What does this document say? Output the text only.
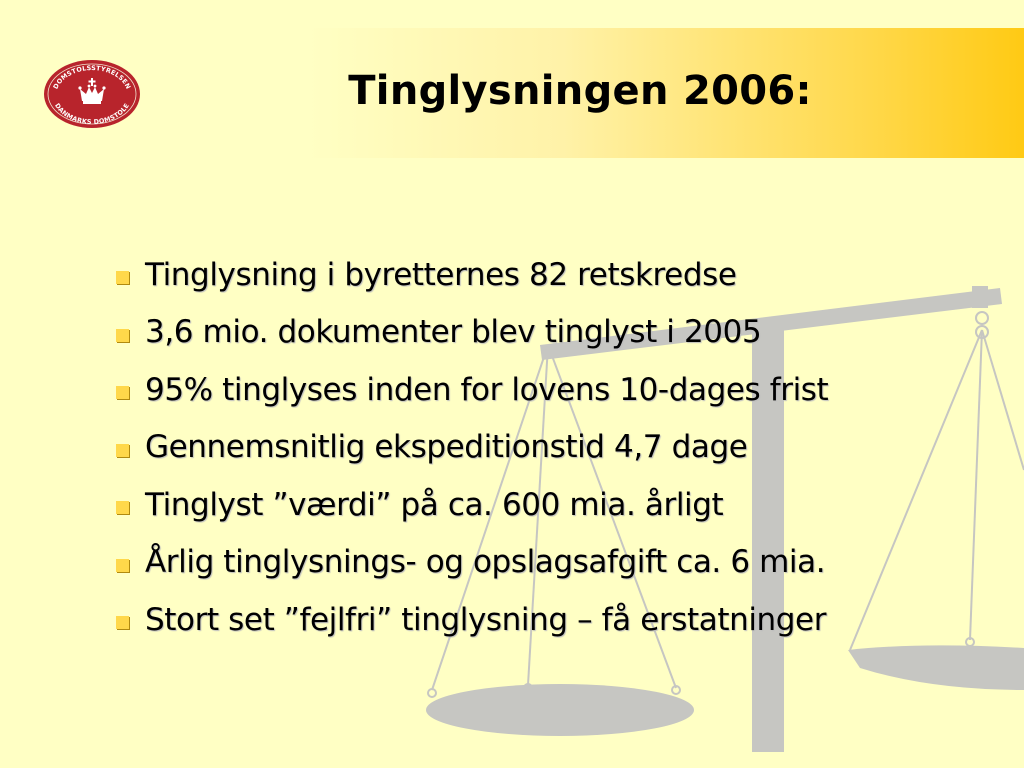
DOMSTOLSSTYRELSEN
DANMARKS DOMSTOLE	Tinglysningen 2006:
Tinglysning i byretternes 82 retskredse
3,6 mio. dokumenter blev tinglyst i 2005
95% tinglyses inden for lovens 10-dages frist
Gennemsnitlig ekspeditionstid 4,7 dage
Tinglyst ”værdi” på ca. 600 mia. årligt
Årlig tinglysnings- og opslagsafgift ca. 6 mia.
Stort set ”fejlfri” tinglysning – få erstatninger
